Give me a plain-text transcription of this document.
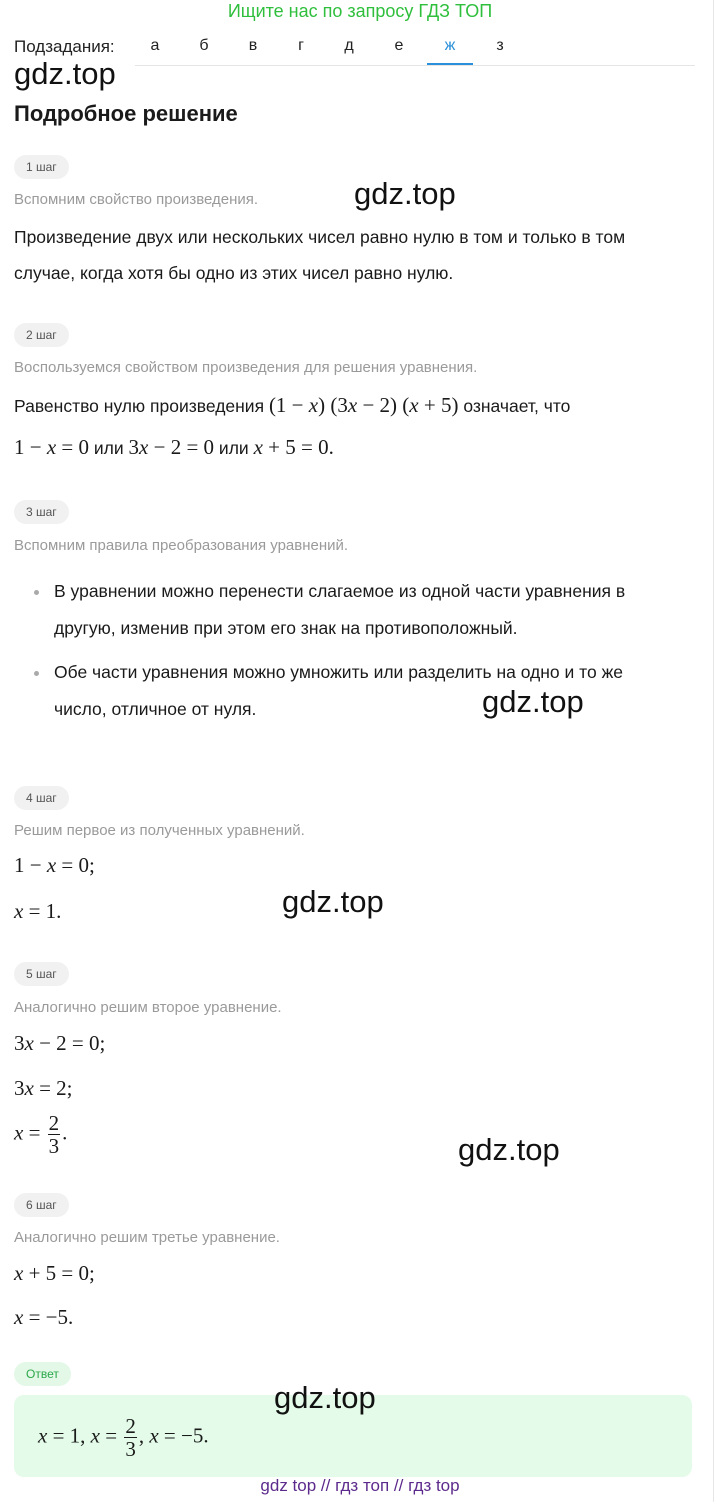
Ищите нас по запросу ГДЗ ТОП
Подзадания:	а	б	в	г	д	е	ж	з
gdz.top
Подробное решение
1 шаг
Вспомним свойство произведения.	gdz.top
Произведение двух или нескольких чисел равно нулю в том и только в том
случае, когда хотя бы одно из этих чисел равно нулю.
2 шаг
Воспользуемся свойством произведения для решения уравнения.
Равенство нулю произведения (1 − x) (3x − 2) (x + 5) означает, что
1 − x = 0 или 3x − 2 = 0 или x + 5 = 0.
3 шаг
Вспомним правила преобразования уравнений.
В уравнении можно перенести слагаемое из одной части уравнения в
другую, изменив при этом его знак на противоположный.
Обе части уравнения можно умножить или разделить на одно и то же
число, отличное от нуля.	gdz.top
4 шаг
Решим первое из полученных уравнений.
1 − x = 0;
x = 1.	gdz.top
5 шаг
Аналогично решим второе уравнение.
3x − 2 = 0;
3x = 2;
$x = \frac{2}{3}$ .	gdz.top
6 шаг
Аналогично решим третье уравнение.
x + 5 = 0;
x = −5.
Ответ
x = 1, $x = \frac{2}{3}$ , x = −5.
gdz.top
gdz top // гдз топ // гдз top
